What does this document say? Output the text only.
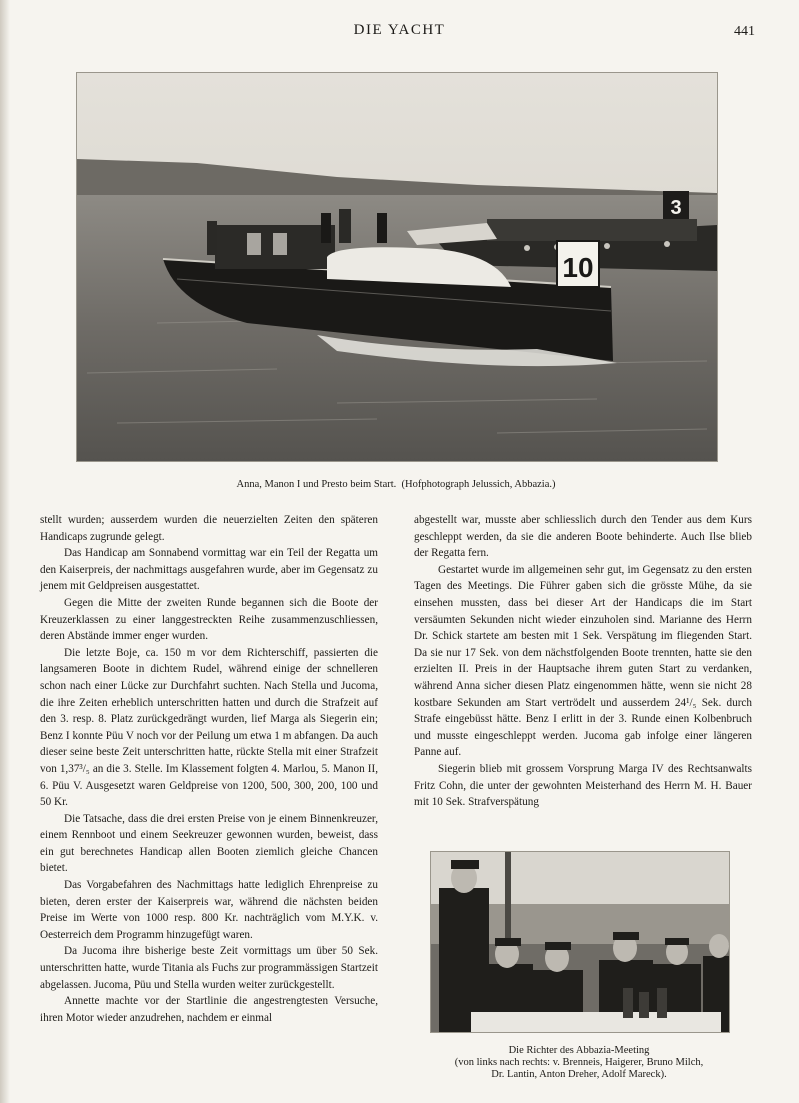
DIE YACHT	441
3
10
Anna, Manon I und Presto beim Start. (Hofphotograph Jelussich, Abbazia.)

stellt wurden; ausserdem wurden die neuerzielten Zeiten den späteren Handicaps zugrunde gelegt.

Das Handicap am Sonnabend vormittag war ein Teil der Regatta um den Kaiserpreis, der nachmittags ausgefahren wurde, aber im Gegensatz zu jenem mit Geldpreisen ausgestattet.

Gegen die Mitte der zweiten Runde begannen sich die Boote der Kreuzerklassen zu einer langgestreckten Reihe zusammenzuschliessen, deren Abstände immer enger wurden.

Die letzte Boje, ca. 150 m vor dem Richterschiff, passierten die langsameren Boote in dichtem Rudel, während einige der schnelleren schon nach einer Lücke zur Durchfahrt suchten. Nach Stella und Jucoma, die ihre Zeiten erheblich unterschritten hatten und durch die Strafzeit auf den 3. resp. 8. Platz zurückgedrängt wurden, lief Marga als Siegerin ein; Benz I konnte Püu V noch vor der Peilung um etwa 1 m abfangen. Da auch dieser seine beste Zeit unterschritten hatte, rückte Stella mit einer Strafzeit von 1,37³/₅ an die 3. Stelle. Im Klassement folgten 4. Marlou, 5. Manon II, 6. Püu V. Ausgesetzt waren Geldpreise von 1200, 500, 300, 200, 100 und 50 Kr.

Die Tatsache, dass die drei ersten Preise von je einem Binnenkreuzer, einem Rennboot und einem Seekreuzer gewonnen wurden, beweist, dass ein gut berechnetes Handicap allen Booten ziemlich gleiche Chancen bietet.

Das Vorgabefahren des Nachmittags hatte lediglich Ehrenpreise zu bieten, deren erster der Kaiserpreis war, während die nächsten beiden Preise im Werte von 1000 resp. 800 Kr. nachträglich vom M.Y.K. v. Oesterreich dem Programm hinzugefügt waren.

Da Jucoma ihre bisherige beste Zeit vormittags um über 50 Sek. unterschritten hatte, wurde Titania als Fuchs zur programmässigen Startzeit abgelassen. Jucoma, Püu und Stella wurden weiter zurückgestellt.

Annette machte vor der Startlinie die angestrengtesten Versuche, ihren Motor wieder anzudrehen, nachdem er einmal

abgestellt war, musste aber schliesslich durch den Tender aus dem Kurs geschleppt werden, da sie die anderen Boote behinderte. Auch Ilse blieb der Regatta fern.

Gestartet wurde im allgemeinen sehr gut, im Gegensatz zu den ersten Tagen des Meetings. Die Führer gaben sich die grösste Mühe, da sie einsehen mussten, dass bei dieser Art der Handicaps die im Start versäumten Sekunden nicht wieder einzuholen sind. Marianne des Herrn Dr. Schick startete am besten mit 1 Sek. Verspätung im fliegenden Start. Da sie nur 17 Sek. von dem nächstfolgenden Boote trennten, hatte sie den erzielten II. Preis in der Hauptsache ihrem guten Start zu verdanken, während Anna sicher diesen Platz eingenommen hätte, wenn sie nicht 28 kostbare Sekunden am Start vertrödelt und ausserdem 24¹/₅ Sek. durch Strafe eingebüsst hätte. Benz I erlitt in der 3. Runde einen Kolbenbruch und musste eingeschleppt werden. Jucoma gab infolge einer längeren Panne auf.

Siegerin blieb mit grossem Vorsprung Marga IV des Rechtsanwalts Fritz Cohn, die unter der gewohnten Meisterhand des Herrn M. H. Bauer mit 10 Sek. Strafverspätung

Die Richter des Abbazia-Meeting
(von links nach rechts: v. Brenneis, Haigerer, Bruno Milch,
Dr. Lantin, Anton Dreher, Adolf Mareck).
